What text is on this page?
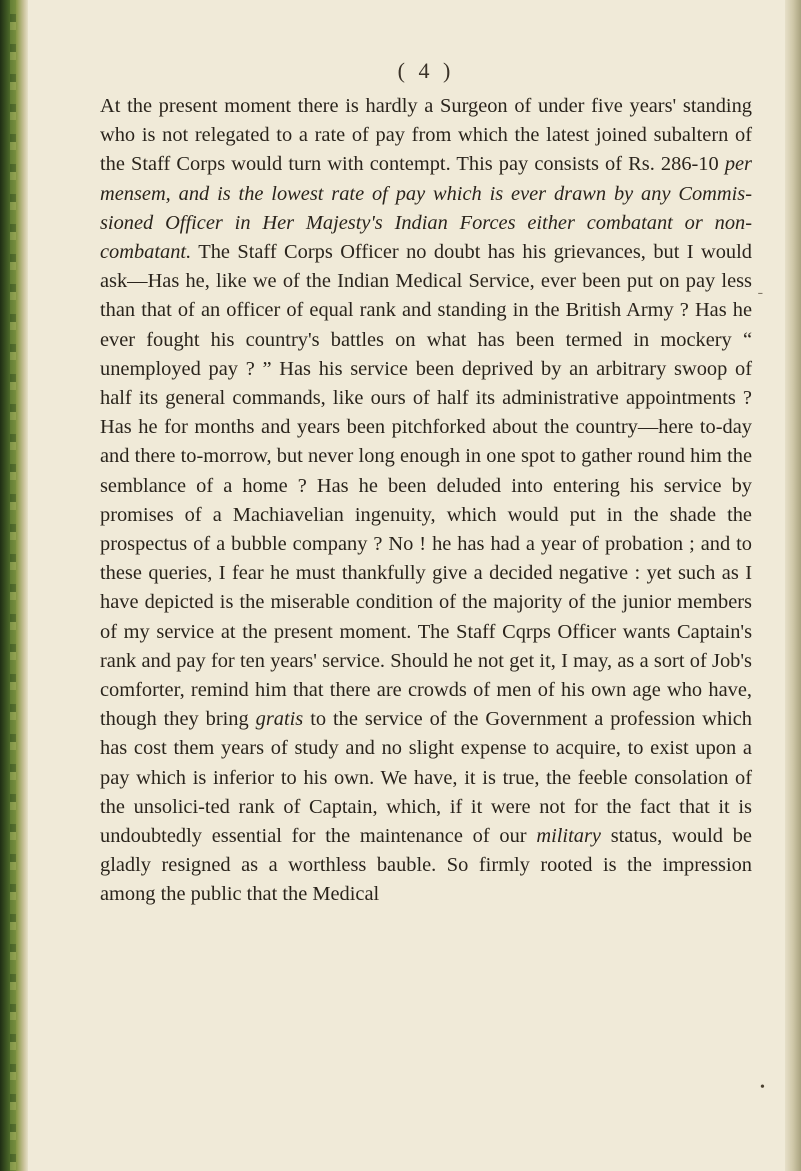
( 4 )

At the present moment there is hardly a Surgeon of under five years' standing who is not relegated to a rate of pay from which the latest joined subaltern of the Staff Corps would turn with contempt. This pay consists of Rs. 286-10 per mensem, and is the lowest rate of pay which is ever drawn by any Commis-sioned Officer in Her Majesty's Indian Forces either combatant or non-combatant. The Staff Corps Officer no doubt has his grievances, but I would ask—Has he, like we of the Indian Medical Service, ever been put on pay less than that of an officer of equal rank and standing in the British Army ? Has he ever fought his country's battles on what has been termed in mockery “ unemployed pay ? ” Has his service been deprived by an arbitrary swoop of half its general commands, like ours of half its administrative appointments ? Has he for months and years been pitchforked about the country—here to-day and there to-morrow, but never long enough in one spot to gather round him the semblance of a home ? Has he been deluded into entering his service by promises of a Machiavelian ingenuity, which would put in the shade the prospectus of a bubble company ? No ! he has had a year of probation ; and to these queries, I fear he must thankfully give a decided negative : yet such as I have depicted is the miserable condition of the majority of the junior members of my service at the present moment. The Staff Cqrps Officer wants Captain's rank and pay for ten years' service. Should he not get it, I may, as a sort of Job's comforter, remind him that there are crowds of men of his own age who have, though they bring gratis to the service of the Government a profession which has cost them years of study and no slight expense to acquire, to exist upon a pay which is inferior to his own. We have, it is true, the feeble consolation of the unsolici-ted rank of Captain, which, if it were not for the fact that it is undoubtedly essential for the maintenance of our military status, would be gladly resigned as a worthless bauble. So firmly rooted is the impression among the public that the Medical

˗
•
